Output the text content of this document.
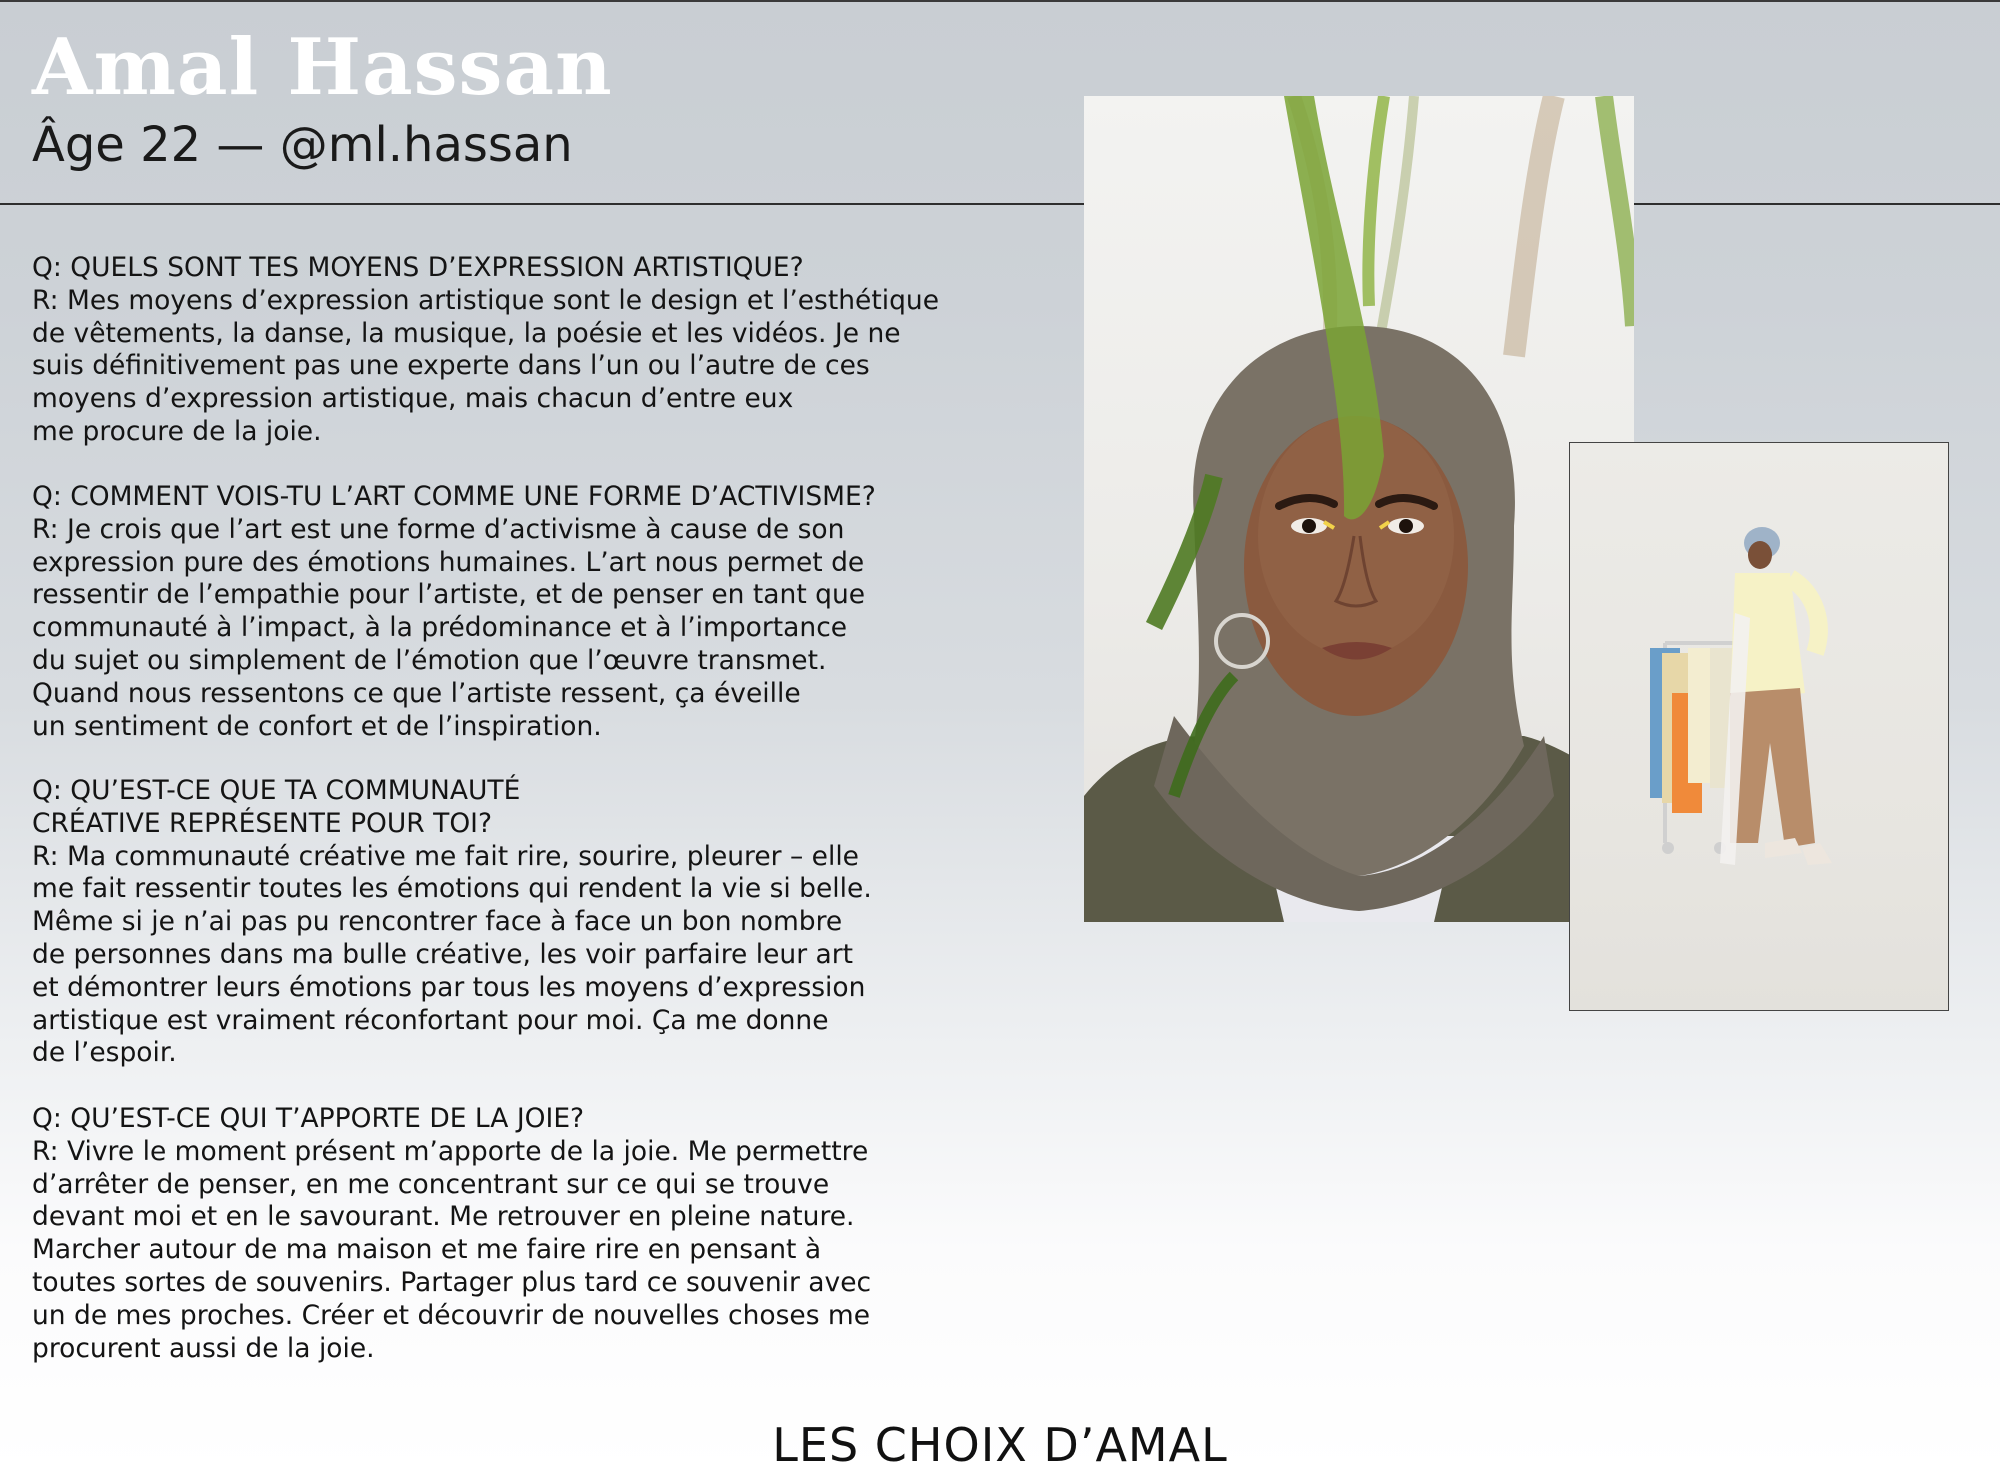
Amal Hassan

Âge 22 — @ml.hassan

Q: QUELS SONT TES MOYENS D’EXPRESSION ARTISTIQUE?

R: Mes moyens d’expression artistique sont le design et l’esthétique
de vêtements, la danse, la musique, la poésie et les vidéos. Je ne
suis définitivement pas une experte dans l’un ou l’autre de ces
moyens d’expression artistique, mais chacun d’entre eux
me procure de la joie.

Q: COMMENT VOIS-TU L’ART COMME UNE FORME D’ACTIVISME?

R: Je crois que l’art est une forme d’activisme à cause de son
expression pure des émotions humaines. L’art nous permet de
ressentir de l’empathie pour l’artiste, et de penser en tant que
communauté à l’impact, à la prédominance et à l’importance
du sujet ou simplement de l’émotion que l’œuvre transmet.
Quand nous ressentons ce que l’artiste ressent, ça éveille
un sentiment de confort et de l’inspiration.

Q: QU’EST-CE QUE TA COMMUNAUTÉ
CRÉATIVE REPRÉSENTE POUR TOI?

R: Ma communauté créative me fait rire, sourire, pleurer – elle
me fait ressentir toutes les émotions qui rendent la vie si belle.
Même si je n’ai pas pu rencontrer face à face un bon nombre
de personnes dans ma bulle créative, les voir parfaire leur art
et démontrer leurs émotions par tous les moyens d’expression
artistique est vraiment réconfortant pour moi. Ça me donne
de l’espoir.

Q: QU’EST-CE QUI T’APPORTE DE LA JOIE?

R: Vivre le moment présent m’apporte de la joie. Me permettre
d’arrêter de penser, en me concentrant sur ce qui se trouve
devant moi et en le savourant. Me retrouver en pleine nature.
Marcher autour de ma maison et me faire rire en pensant à
toutes sortes de souvenirs. Partager plus tard ce souvenir avec
un de mes proches. Créer et découvrir de nouvelles choses me
procurent aussi de la joie.

LES CHOIX D’AMAL
